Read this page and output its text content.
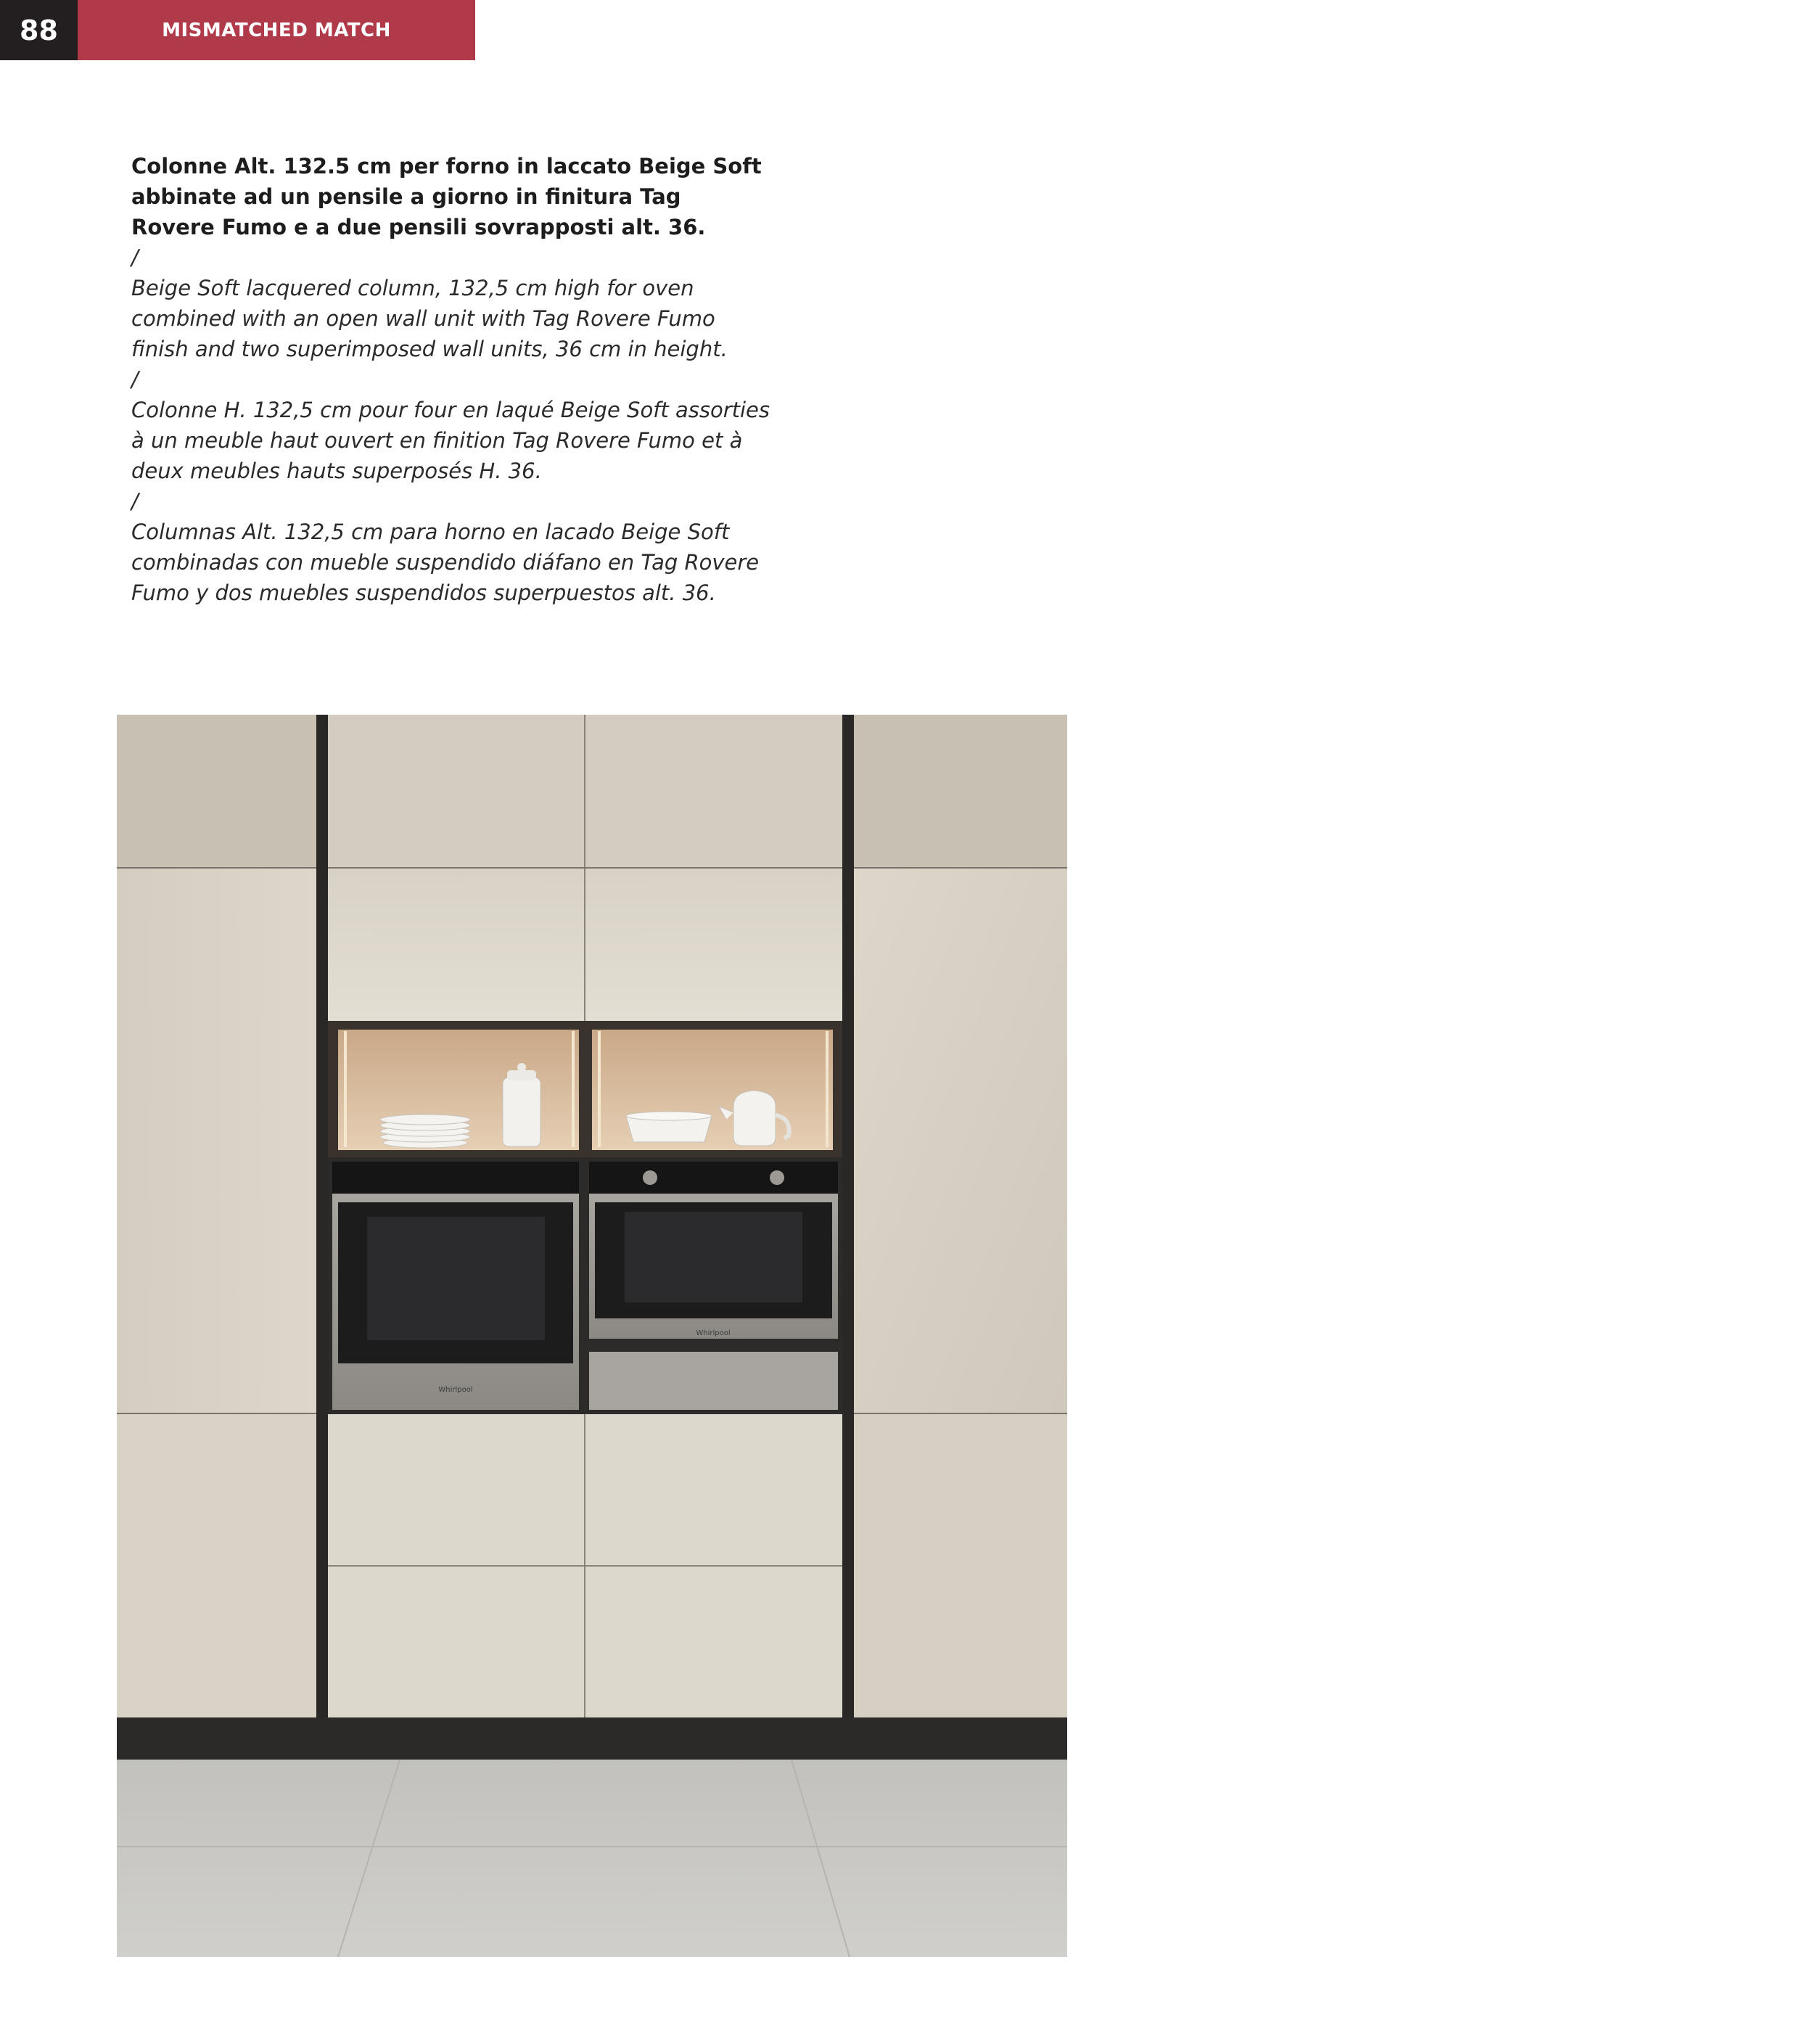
88	MISMATCHED MATCH

Colonne Alt. 132.5 cm per forno in laccato Beige Soft abbinate ad un pensile a giorno in finitura Tag Rovere Fumo e a due pensili sovrapposti alt. 36.

/

Beige Soft lacquered column, 132,5 cm high for oven combined with an open wall unit with Tag Rovere Fumo finish and two superimposed wall units, 36 cm in height.

/

Colonne H. 132,5 cm pour four en laqué Beige Soft assorties à un meuble haut ouvert en finition Tag Rovere Fumo et à deux meubles hauts superposés H. 36.

/

Columnas Alt. 132,5 cm para horno en lacado Beige Soft combinadas con mueble suspendido diáfano en Tag Rovere Fumo y dos muebles suspendidos superpuestos alt. 36.

Whirlpool
Whirlpool
